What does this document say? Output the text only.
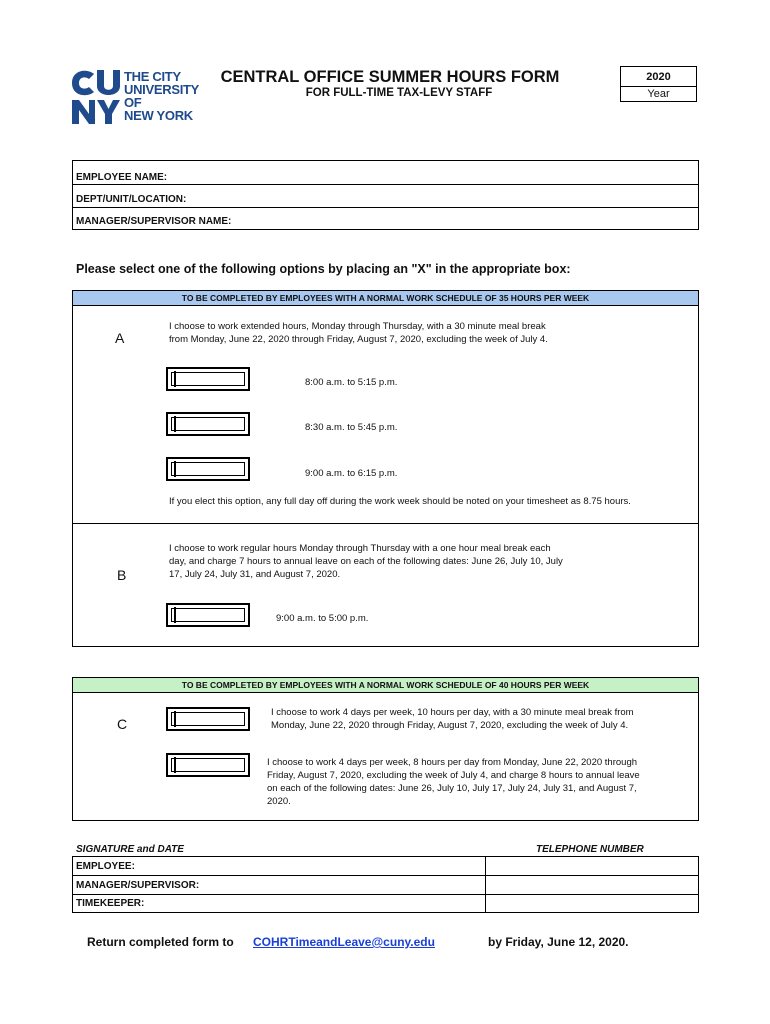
THE CITY
UNIVERSITY
OF
NEW YORK
CENTRAL OFFICE SUMMER HOURS FORM
FOR FULL-TIME TAX-LEVY STAFF
2020
Year
EMPLOYEE NAME:
DEPT/UNIT/LOCATION:
MANAGER/SUPERVISOR NAME:
Please select one of the following options by placing an "X" in the appropriate box:
TO BE COMPLETED BY EMPLOYEES WITH A NORMAL WORK SCHEDULE OF 35 HOURS PER WEEK
A
I choose to work extended hours, Monday through Thursday, with a 30 minute meal break
from Monday, June 22, 2020 through Friday, August 7, 2020, excluding the week of July 4.
8:00 a.m. to 5:15 p.m.
8:30 a.m. to 5:45 p.m.
9:00 a.m. to 6:15 p.m.
If you elect this option, any full day off during the work week should be noted on your timesheet as 8.75 hours.
B
I choose to work regular hours Monday through Thursday with a one hour meal break each
day, and charge 7 hours to annual leave on each of the following dates: June 26, July 10, July
17, July 24, July 31, and August 7, 2020.
9:00 a.m. to 5:00 p.m.
TO BE COMPLETED BY EMPLOYEES WITH A NORMAL WORK SCHEDULE OF 40 HOURS PER WEEK
C
I choose to work 4 days per week, 10 hours per day, with a 30 minute meal break from
Monday, June 22, 2020 through Friday, August 7, 2020, excluding the week of July 4.
I choose to work 4 days per week, 8 hours per day from Monday, June 22, 2020 through
Friday, August 7, 2020, excluding the week of July 4, and charge 8 hours to annual leave
on each of the following dates: June 26, July 10, July 17, July 24, July 31, and August 7,
2020.
SIGNATURE and DATE	TELEPHONE NUMBER
EMPLOYEE:
MANAGER/SUPERVISOR:
TIMEKEEPER:
Return completed form to COHRTimeandLeave@cuny.edu	by Friday, June 12, 2020.
